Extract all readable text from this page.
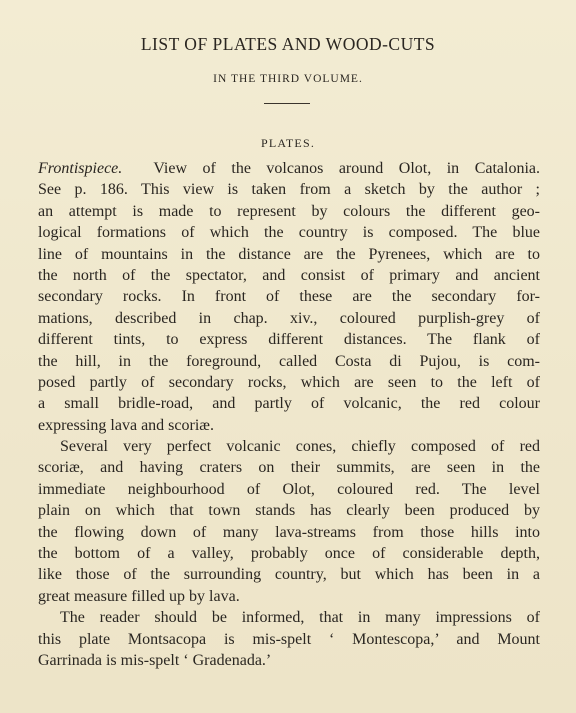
LIST OF PLATES AND WOOD-CUTS
IN THE THIRD VOLUME.
PLATES.
Frontispiece. View of the volcanos around Olot, in Catalonia.
See p. 186. This view is taken from a sketch by the author ;
an attempt is made to represent by colours the different geo-
logical formations of which the country is composed. The blue
line of mountains in the distance are the Pyrenees, which are to
the north of the spectator, and consist of primary and ancient
secondary rocks. In front of these are the secondary for-
mations, described in chap. xiv., coloured purplish-grey of
different tints, to express different distances. The flank of
the hill, in the foreground, called Costa di Pujou, is com-
posed partly of secondary rocks, which are seen to the left of
a small bridle-road, and partly of volcanic, the red colour
expressing lava and scoriæ.
Several very perfect volcanic cones, chiefly composed of red
scoriæ, and having craters on their summits, are seen in the
immediate neighbourhood of Olot, coloured red. The level
plain on which that town stands has clearly been produced by
the flowing down of many lava-streams from those hills into
the bottom of a valley, probably once of considerable depth,
like those of the surrounding country, but which has been in a
great measure filled up by lava.
The reader should be informed, that in many impressions of
this plate Montsacopa is mis-spelt ‘ Montescopa,’ and Mount
Garrinada is mis-spelt ‘ Gradenada.’
